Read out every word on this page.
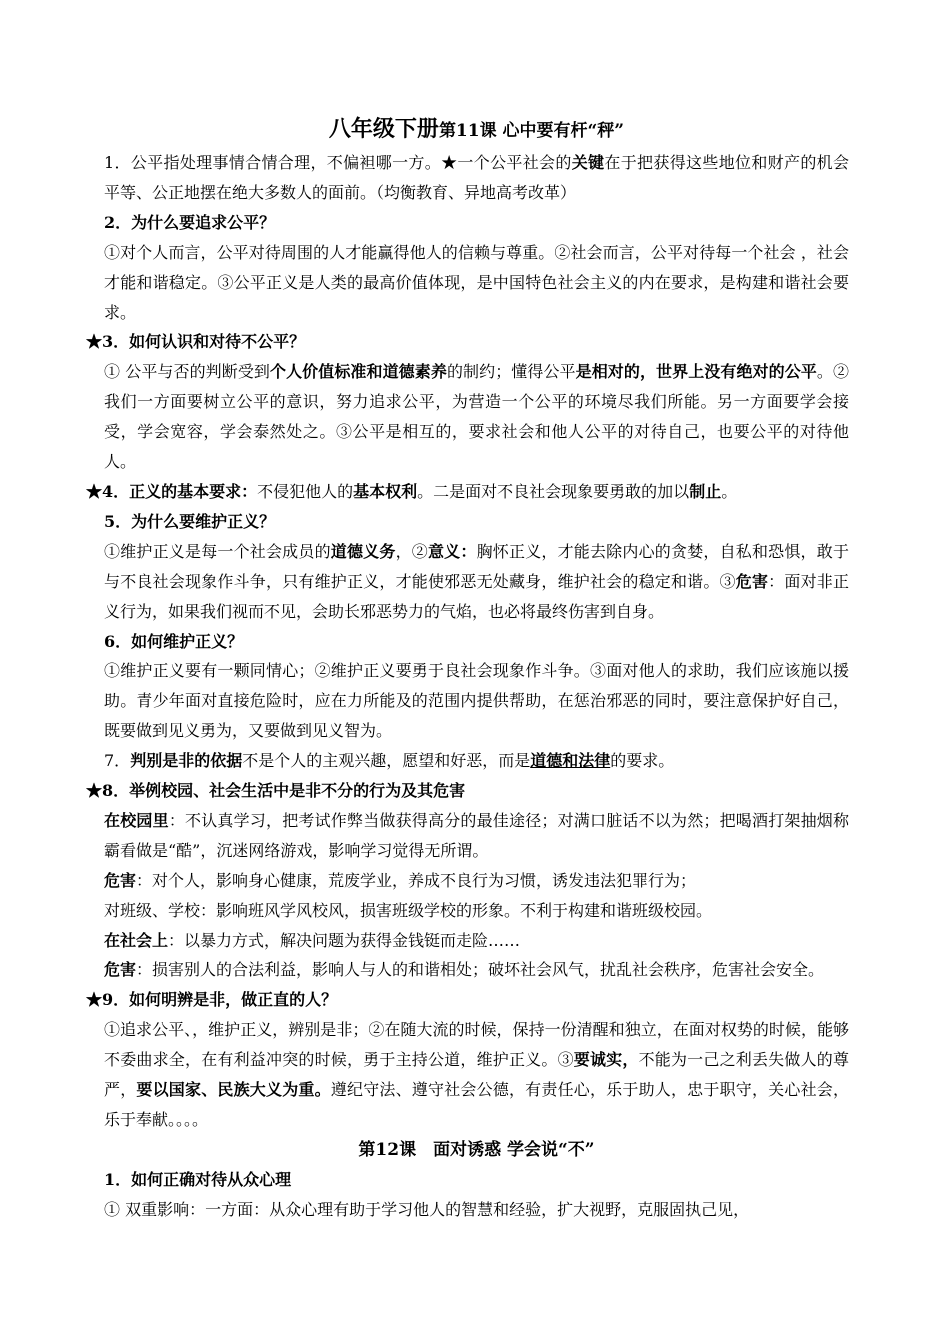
八年级下册第11课 心中要有杆“秤”

1．公平指处理事情合情合理，不偏袒哪一方。★一个公平社会的关键在于把获得这些地位和财产的机会平等、公正地摆在绝大多数人的面前。（均衡教育、异地高考改革）

2．为什么要追求公平？

①对个人而言，公平对待周围的人才能赢得他人的信赖与尊重。②社会而言，公平对待每一个社会 ，社会才能和谐稳定。③公平正义是人类的最高价值体现，是中国特色社会主义的内在要求，是构建和谐社会要求。

★3．如何认识和对待不公平？

① 公平与否的判断受到个人价值标准和道德素养的制约；懂得公平是相对的，世界上没有绝对的公平。②我们一方面要树立公平的意识，努力追求公平，为营造一个公平的环境尽我们所能。另一方面要学会接受，学会宽容，学会泰然处之。③公平是相互的，要求社会和他人公平的对待自己，也要公平的对待他人。

★4．正义的基本要求：不侵犯他人的基本权利。二是面对不良社会现象要勇敢的加以制止。

5．为什么要维护正义？

①维护正义是每一个社会成员的道德义务，②意义：胸怀正义，才能去除内心的贪婪，自私和恐惧，敢于与不良社会现象作斗争，只有维护正义，才能使邪恶无处藏身，维护社会的稳定和谐。③危害：面对非正义行为，如果我们视而不见，会助长邪恶势力的气焰，也必将最终伤害到自身。

6．如何维护正义？

①维护正义要有一颗同情心；②维护正义要勇于良社会现象作斗争。③面对他人的求助，我们应该施以援助。青少年面对直接危险时，应在力所能及的范围内提供帮助，在惩治邪恶的同时，要注意保护好自己，既要做到见义勇为，又要做到见义智为。

7．判别是非的依据不是个人的主观兴趣，愿望和好恶，而是道德和法律的要求。

★8．举例校园、社会生活中是非不分的行为及其危害

在校园里：不认真学习，把考试作弊当做获得高分的最佳途径；对满口脏话不以为然；把喝酒打架抽烟称霸看做是“酷”，沉迷网络游戏，影响学习觉得无所谓。

危害：对个人，影响身心健康，荒废学业，养成不良行为习惯，诱发违法犯罪行为；

对班级、学校：影响班风学风校风，损害班级学校的形象。不利于构建和谐班级校园。

在社会上：以暴力方式，解决问题为获得金钱铤而走险……

危害：损害别人的合法利益，影响人与人的和谐相处；破坏社会风气，扰乱社会秩序，危害社会安全。

★9．如何明辨是非，做正直的人？

①追求公平、，维护正义，辨别是非；②在随大流的时候，保持一份清醒和独立，在面对权势的时候，能够不委曲求全，在有利益冲突的时候，勇于主持公道，维护正义。③要诚实，不能为一己之利丢失做人的尊严，要以国家、民族大义为重。遵纪守法、遵守社会公德，有责任心，乐于助人，忠于职守，关心社会，乐于奉献。。。。

第12课　面对诱惑 学会说“不”

1．如何正确对待从众心理

① 双重影响：一方面：从众心理有助于学习他人的智慧和经验，扩大视野，克服固执己见，
